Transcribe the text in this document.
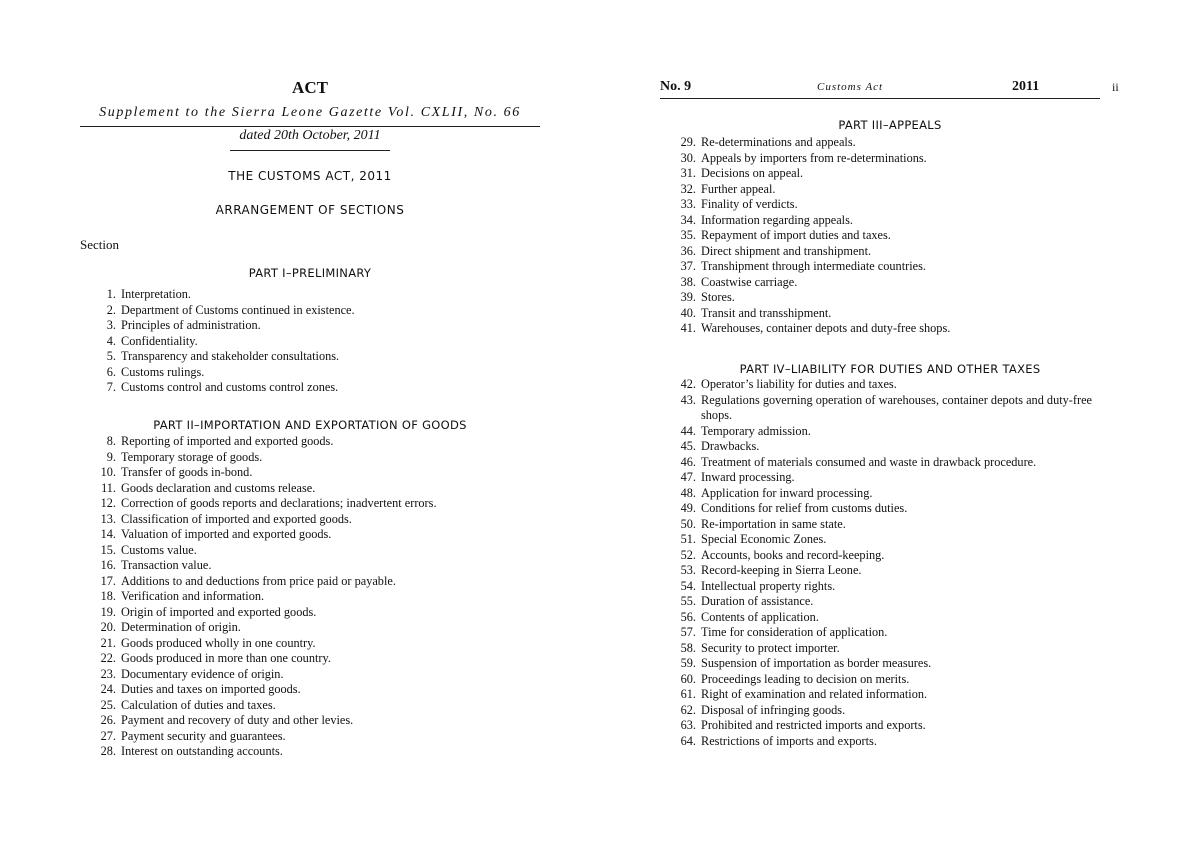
ACT
Supplement to the Sierra Leone Gazette Vol. CXLII, No. 66
dated 20th October, 2011
THE CUSTOMS ACT, 2011
ARRANGEMENT OF SECTIONS
Section
PART I–PRELIMINARY
1. Interpretation.
2. Department of Customs continued in existence.
3. Principles of administration.
4. Confidentiality.
5. Transparency and stakeholder consultations.
6. Customs rulings.
7. Customs control and customs control zones.
PART II–IMPORTATION AND EXPORTATION OF GOODS
8. Reporting of imported and exported goods.
9. Temporary storage of goods.
10. Transfer of goods in-bond.
11. Goods declaration and customs release.
12. Correction of goods reports and declarations; inadvertent errors.
13. Classification of imported and exported goods.
14. Valuation of imported and exported goods.
15. Customs value.
16. Transaction value.
17. Additions to and deductions from price paid or payable.
18. Verification and information.
19. Origin of imported and exported goods.
20. Determination of origin.
21. Goods produced wholly in one country.
22. Goods produced in more than one country.
23. Documentary evidence of origin.
24. Duties and taxes on imported goods.
25. Calculation of duties and taxes.
26. Payment and recovery of duty and other levies.
27. Payment security and guarantees.
28. Interest on outstanding accounts.
No. 9	Customs Act	2011	ii
PART III–APPEALS
29. Re-determinations and appeals.
30. Appeals by importers from re-determinations.
31. Decisions on appeal.
32. Further appeal.
33. Finality of verdicts.
34. Information regarding appeals.
35. Repayment of import duties and taxes.
36. Direct shipment and transhipment.
37. Transhipment through intermediate countries.
38. Coastwise carriage.
39. Stores.
40. Transit and transshipment.
41. Warehouses, container depots and duty-free shops.
PART IV–LIABILITY FOR DUTIES AND OTHER TAXES
42. Operator’s liability for duties and taxes.
43. Regulations governing operation of warehouses, container depots and duty-free shops.
44. Temporary admission.
45. Drawbacks.
46. Treatment of materials consumed and waste in drawback procedure.
47. Inward processing.
48. Application for inward processing.
49. Conditions for relief from customs duties.
50. Re-importation in same state.
51. Special Economic Zones.
52. Accounts, books and record-keeping.
53. Record-keeping in Sierra Leone.
54. Intellectual property rights.
55. Duration of assistance.
56. Contents of application.
57. Time for consideration of application.
58. Security to protect importer.
59. Suspension of importation as border measures.
60. Proceedings leading to decision on merits.
61. Right of examination and related information.
62. Disposal of infringing goods.
63. Prohibited and restricted imports and exports.
64. Restrictions of imports and exports.
